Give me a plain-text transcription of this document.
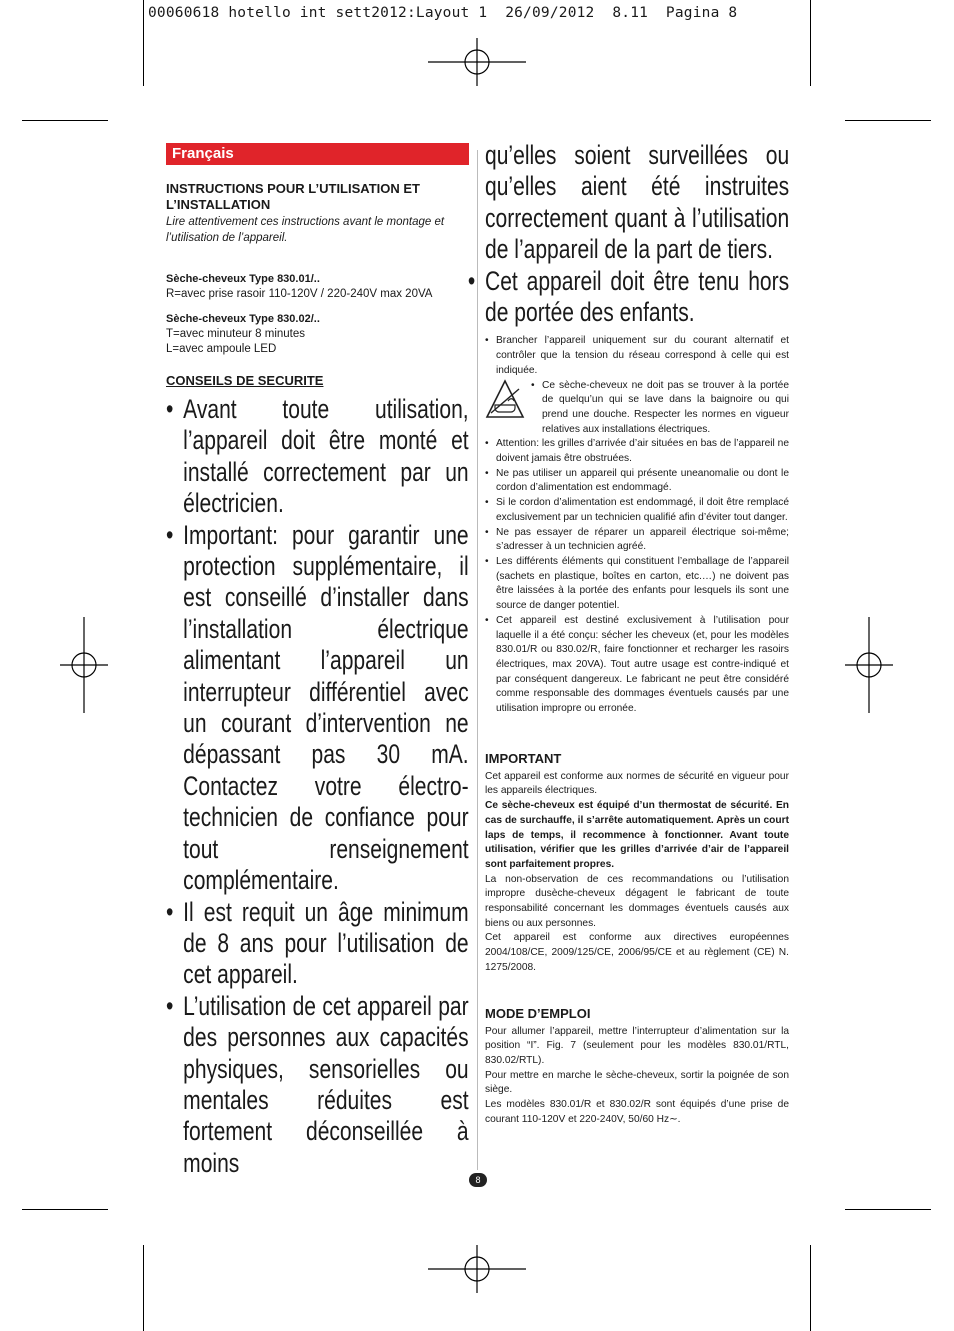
00060618 hotello int sett2012:Layout 1  26/09/2012  8.11  Pagina 8
Français
INSTRUCTIONS POUR L’UTILISATION ET L’INSTALLATION
Lire attentivement ces instructions avant le montage et l’utilisation de l’appareil.
Sèche-cheveux Type 830.01/..
R=avec prise rasoir 110-120V / 220-240V max 20VA
Sèche-cheveux Type 830.02/..
T=avec minuteur 8 minutes
L=avec ampoule LED
CONSEILS DE SECURITE
• Avant toute utilisation, l’appareil doit être monté et installé correctement par un électricien.
• Important: pour garantir une protection supplémentaire, il est conseillé d’installer dans l’installation électrique alimentant l’appareil un interrupteur différentiel avec un courant d’intervention ne dépassant pas 30 mA. Contactez votre électro-technicien de confiance pour tout renseignement complémentaire.
• Il est requit un âge minimum de 8 ans pour l’utilisation de cet appareil.
• L’utilisation de cet appareil par des personnes aux capacités physiques, sensorielles ou mentales réduites est fortement déconseillée à moins
qu’elles soient surveillées ou qu’elles aient été instruites correctement quant à l’utilisation de l’appareil de la part de tiers.
• Cet appareil doit être tenu hors de portée des enfants.
• Brancher l’appareil uniquement sur du courant alternatif et contrôler que la tension du réseau correspond à celle qui est indiquée.
• Ce sèche-cheveux ne doit pas se trouver à la portée de quelqu’un qui se lave dans la baignoire ou qui prend une douche. Respecter les normes en vigueur relatives aux installations électriques.
• Attention: les grilles d’arrivée d’air situées en bas de l’appareil ne doivent jamais être obstruées.
• Ne pas utiliser un appareil qui présente uneanomalie ou dont le cordon d’alimentation est endommagé.
• Si le cordon d’alimentation est endommagé, il doit être remplacé exclusivement par un technicien qualifié afin d’éviter tout danger.
• Ne pas essayer de réparer un appareil électrique soi-même; s’adresser à un technicien agréé.
• Les différents éléments qui constituent l’emballage de l’appareil (sachets en plastique, boîtes en carton, etc.…) ne doivent pas être laissées à la portée des enfants pour lesquels ils sont une source de danger potentiel.
• Cet appareil est destiné exclusivement à l’utilisation pour laquelle il a été conçu: sécher les cheveux (et, pour les modèles 830.01/R ou 830.02/R, faire fonctionner et recharger les rasoirs électriques, max 20VA). Tout autre usage est contre-indiqué et par conséquent dangereux. Le fabricant ne peut être considéré comme responsable des dommages éventuels causés par une utilisation impropre ou erronée.
IMPORTANT
Cet appareil est conforme aux normes de sécurité en vigueur pour les appareils électriques.
Ce sèche-cheveux est équipé d’un thermostat de sécurité. En cas de surchauffe, il s’arrête automatiquement. Après un court laps de temps, il recommence à fonctionner. Avant toute utilisation, vérifier que les grilles d’arrivée d’air de l’appareil sont parfaitement propres.
La non-observation de ces recommandations ou l’utilisation impropre dusèche-cheveux dégagent le fabricant de toute responsabilité concernant les dommages éventuels causés aux biens ou aux personnes.
Cet appareil est conforme aux directives européennes 2004/108/CE, 2009/125/CE, 2006/95/CE et au règlement (CE) N. 1275/2008.
MODE D’EMPLOI
Pour allumer l’appareil, mettre l’interrupteur d’alimentation sur la position “I”. Fig. 7 (seulement pour les modèles 830.01/RTL, 830.02/RTL).
Pour mettre en marche le sèche-cheveux, sortir la poignée de son siège.
Les modèles 830.01/R et 830.02/R sont équipés d’une prise de courant 110-120V et 220-240V, 50/60 Hz∼.
8
